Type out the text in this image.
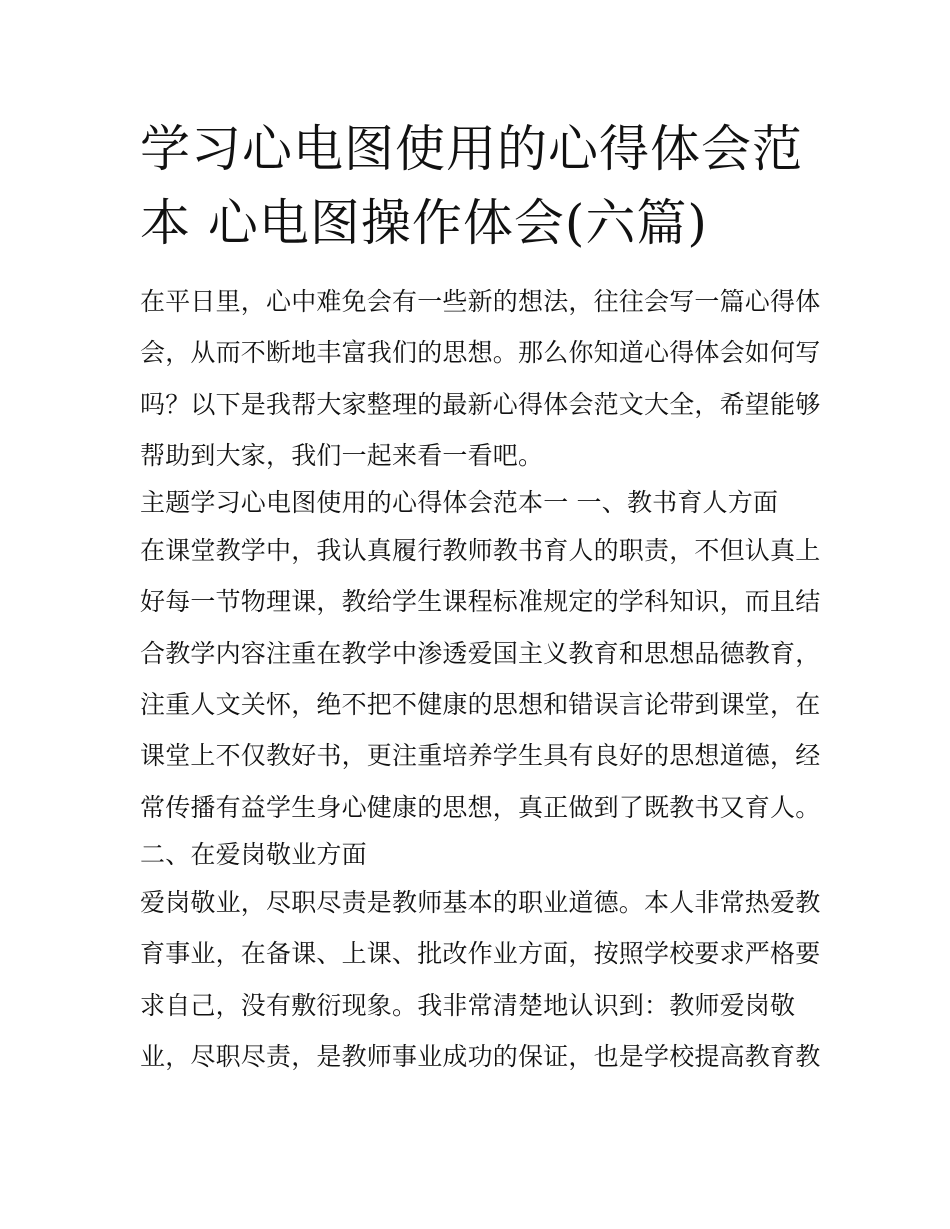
学习心电图使用的心得体会范
本 心电图操作体会(六篇)
在平日里，心中难免会有一些新的想法，往往会写一篇心得体
会，从而不断地丰富我们的思想。那么你知道心得体会如何写
吗？以下是我帮大家整理的最新心得体会范文大全，希望能够
帮助到大家，我们一起来看一看吧。
主题学习心电图使用的心得体会范本一 一、教书育人方面
在课堂教学中，我认真履行教师教书育人的职责，不但认真上
好每一节物理课，教给学生课程标准规定的学科知识，而且结
合教学内容注重在教学中渗透爱国主义教育和思想品德教育，
注重人文关怀，绝不把不健康的思想和错误言论带到课堂，在
课堂上不仅教好书，更注重培养学生具有良好的思想道德，经
常传播有益学生身心健康的思想，真正做到了既教书又育人。
二、在爱岗敬业方面
爱岗敬业，尽职尽责是教师基本的职业道德。本人非常热爱教
育事业，在备课、上课、批改作业方面，按照学校要求严格要
求自己，没有敷衍现象。我非常清楚地认识到：教师爱岗敬
业，尽职尽责，是教师事业成功的保证，也是学校提高教育教
